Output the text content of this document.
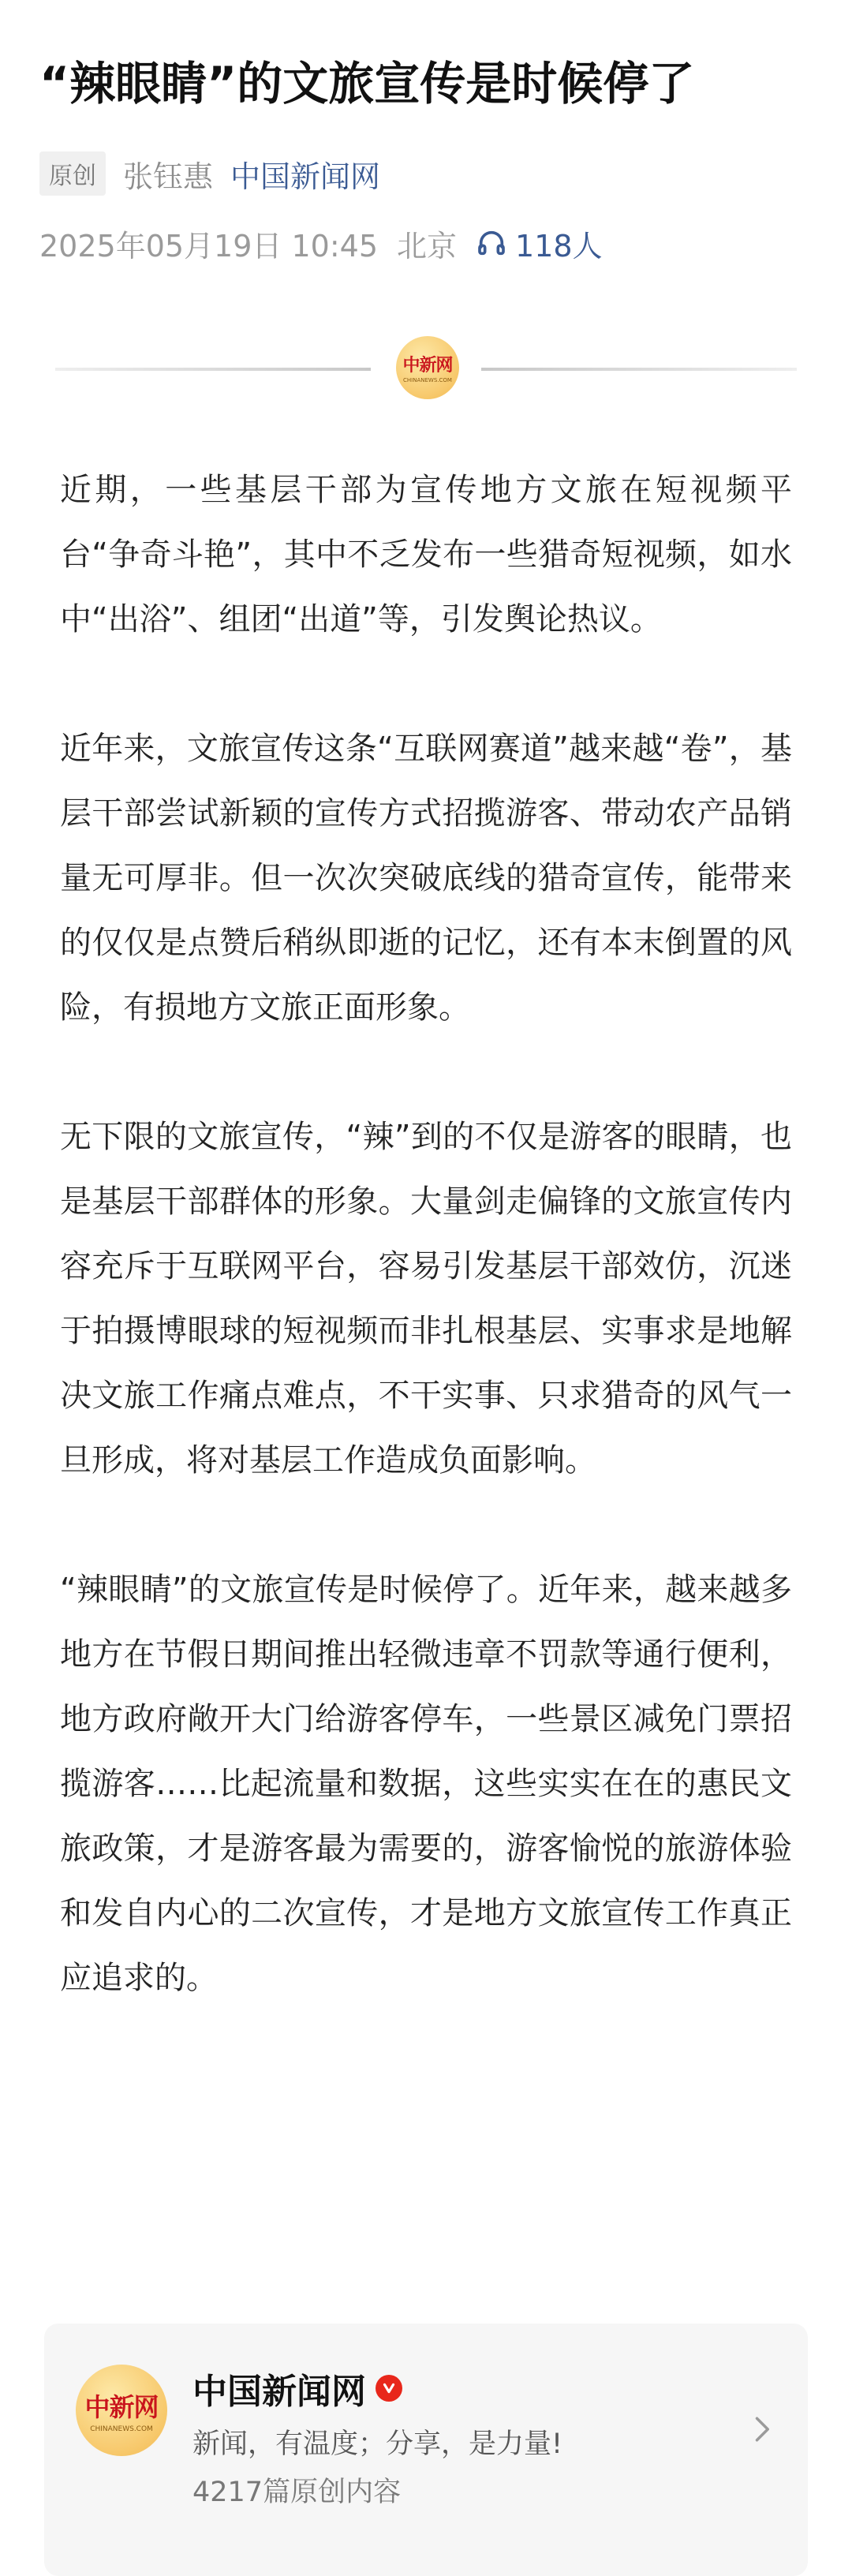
“辣眼睛”的文旅宣传是时候停了
原创 张钰惠 中国新闻网
2025年05月19日 10:45 北京 118人
中新网
CHINANEWS.COM

近期，一些基层干部为宣传地方文旅在短视频平台“争奇斗艳”，其中不乏发布一些猎奇短视频，如水中“出浴”、组团“出道”等，引发舆论热议。

近年来，文旅宣传这条“互联网赛道”越来越“卷”，基层干部尝试新颖的宣传方式招揽游客、带动农产品销量无可厚非。但一次次突破底线的猎奇宣传，能带来的仅仅是点赞后稍纵即逝的记忆，还有本末倒置的风险，有损地方文旅正面形象。

无下限的文旅宣传，“辣”到的不仅是游客的眼睛，也是基层干部群体的形象。大量剑走偏锋的文旅宣传内容充斥于互联网平台，容易引发基层干部效仿，沉迷于拍摄博眼球的短视频而非扎根基层、实事求是地解决文旅工作痛点难点，不干实事、只求猎奇的风气一旦形成，将对基层工作造成负面影响。

“辣眼睛”的文旅宣传是时候停了。近年来，越来越多地方在节假日期间推出轻微违章不罚款等通行便利，地方政府敞开大门给游客停车，一些景区减免门票招揽游客……比起流量和数据，这些实实在在的惠民文旅政策，才是游客最为需要的，游客愉悦的旅游体验和发自内心的二次宣传，才是地方文旅宣传工作真正应追求的。

中新网
CHINANEWS.COM
中国新闻网
新闻，有温度；分享，是力量!
4217篇原创内容
